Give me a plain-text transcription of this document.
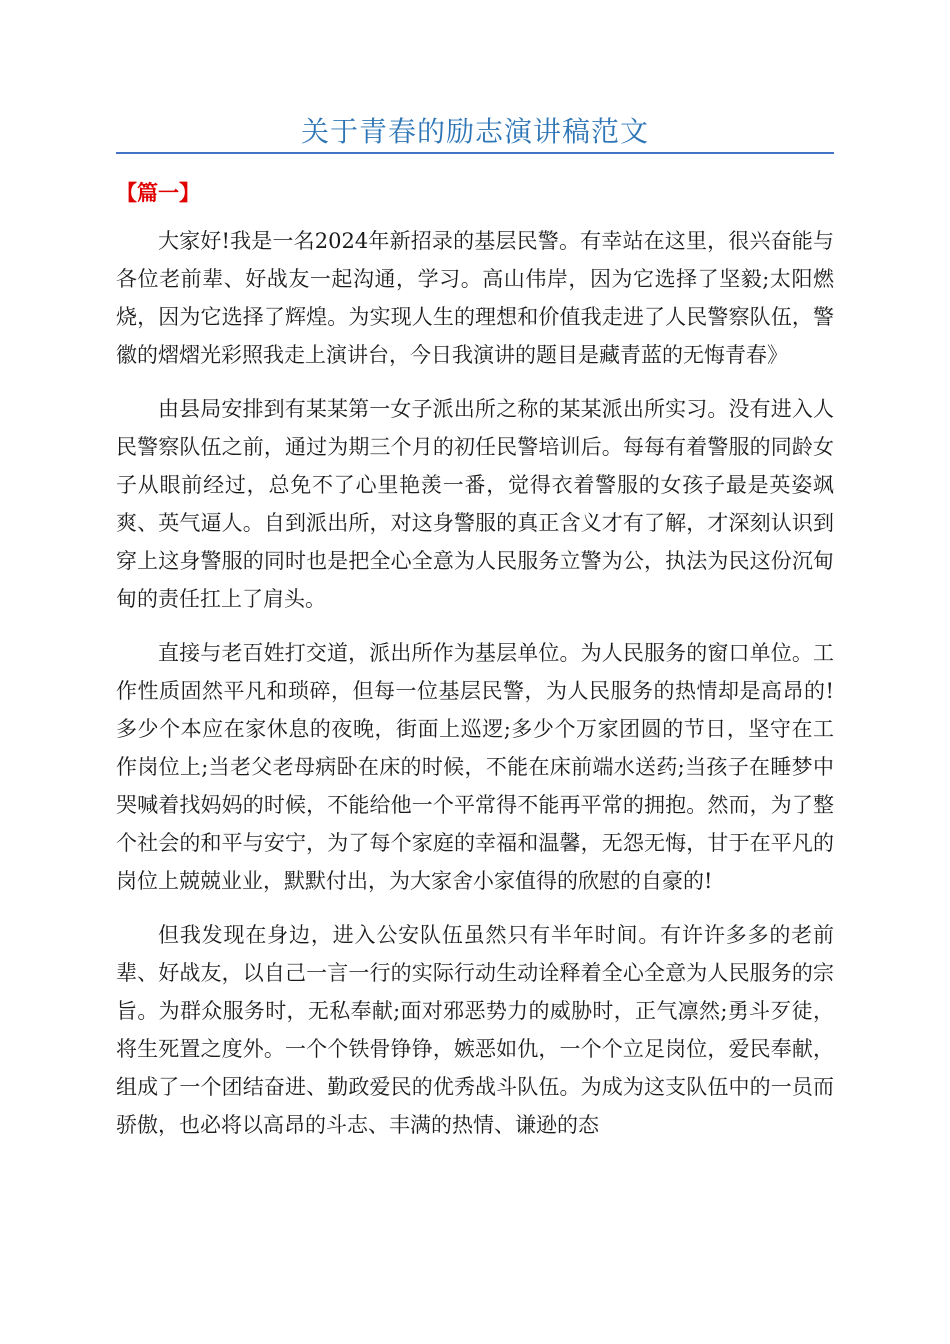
关于青春的励志演讲稿范文
【篇一】

大家好!我是一名2024年新招录的基层民警。有幸站在这里，很兴奋能与各位老前辈、好战友一起沟通，学习。高山伟岸，因为它选择了坚毅;太阳燃烧，因为它选择了辉煌。为实现人生的理想和价值我走进了人民警察队伍，警徽的熠熠光彩照我走上演讲台，今日我演讲的题目是藏青蓝的无悔青春》

由县局安排到有某某第一女子派出所之称的某某派出所实习。没有进入人民警察队伍之前，通过为期三个月的初任民警培训后。每每有着警服的同龄女子从眼前经过，总免不了心里艳羡一番，觉得衣着警服的女孩子最是英姿飒爽、英气逼人。自到派出所，对这身警服的真正含义才有了解，才深刻认识到穿上这身警服的同时也是把全心全意为人民服务立警为公，执法为民这份沉甸甸的责任扛上了肩头。

直接与老百姓打交道，派出所作为基层单位。为人民服务的窗口单位。工作性质固然平凡和琐碎，但每一位基层民警，为人民服务的热情却是高昂的!多少个本应在家休息的夜晚，街面上巡逻;多少个万家团圆的节日，坚守在工作岗位上;当老父老母病卧在床的时候，不能在床前端水送药;当孩子在睡梦中哭喊着找妈妈的时候，不能给他一个平常得不能再平常的拥抱。然而，为了整个社会的和平与安宁，为了每个家庭的幸福和温馨，无怨无悔，甘于在平凡的岗位上兢兢业业，默默付出，为大家舍小家值得的欣慰的自豪的!

但我发现在身边，进入公安队伍虽然只有半年时间。有许许多多的老前辈、好战友，以自己一言一行的实际行动生动诠释着全心全意为人民服务的宗旨。为群众服务时，无私奉献;面对邪恶势力的威胁时，正气凛然;勇斗歹徒，将生死置之度外。一个个铁骨铮铮，嫉恶如仇，一个个立足岗位，爱民奉献，组成了一个团结奋进、勤政爱民的优秀战斗队伍。为成为这支队伍中的一员而骄傲，也必将以高昂的斗志、丰满的热情、谦逊的态
